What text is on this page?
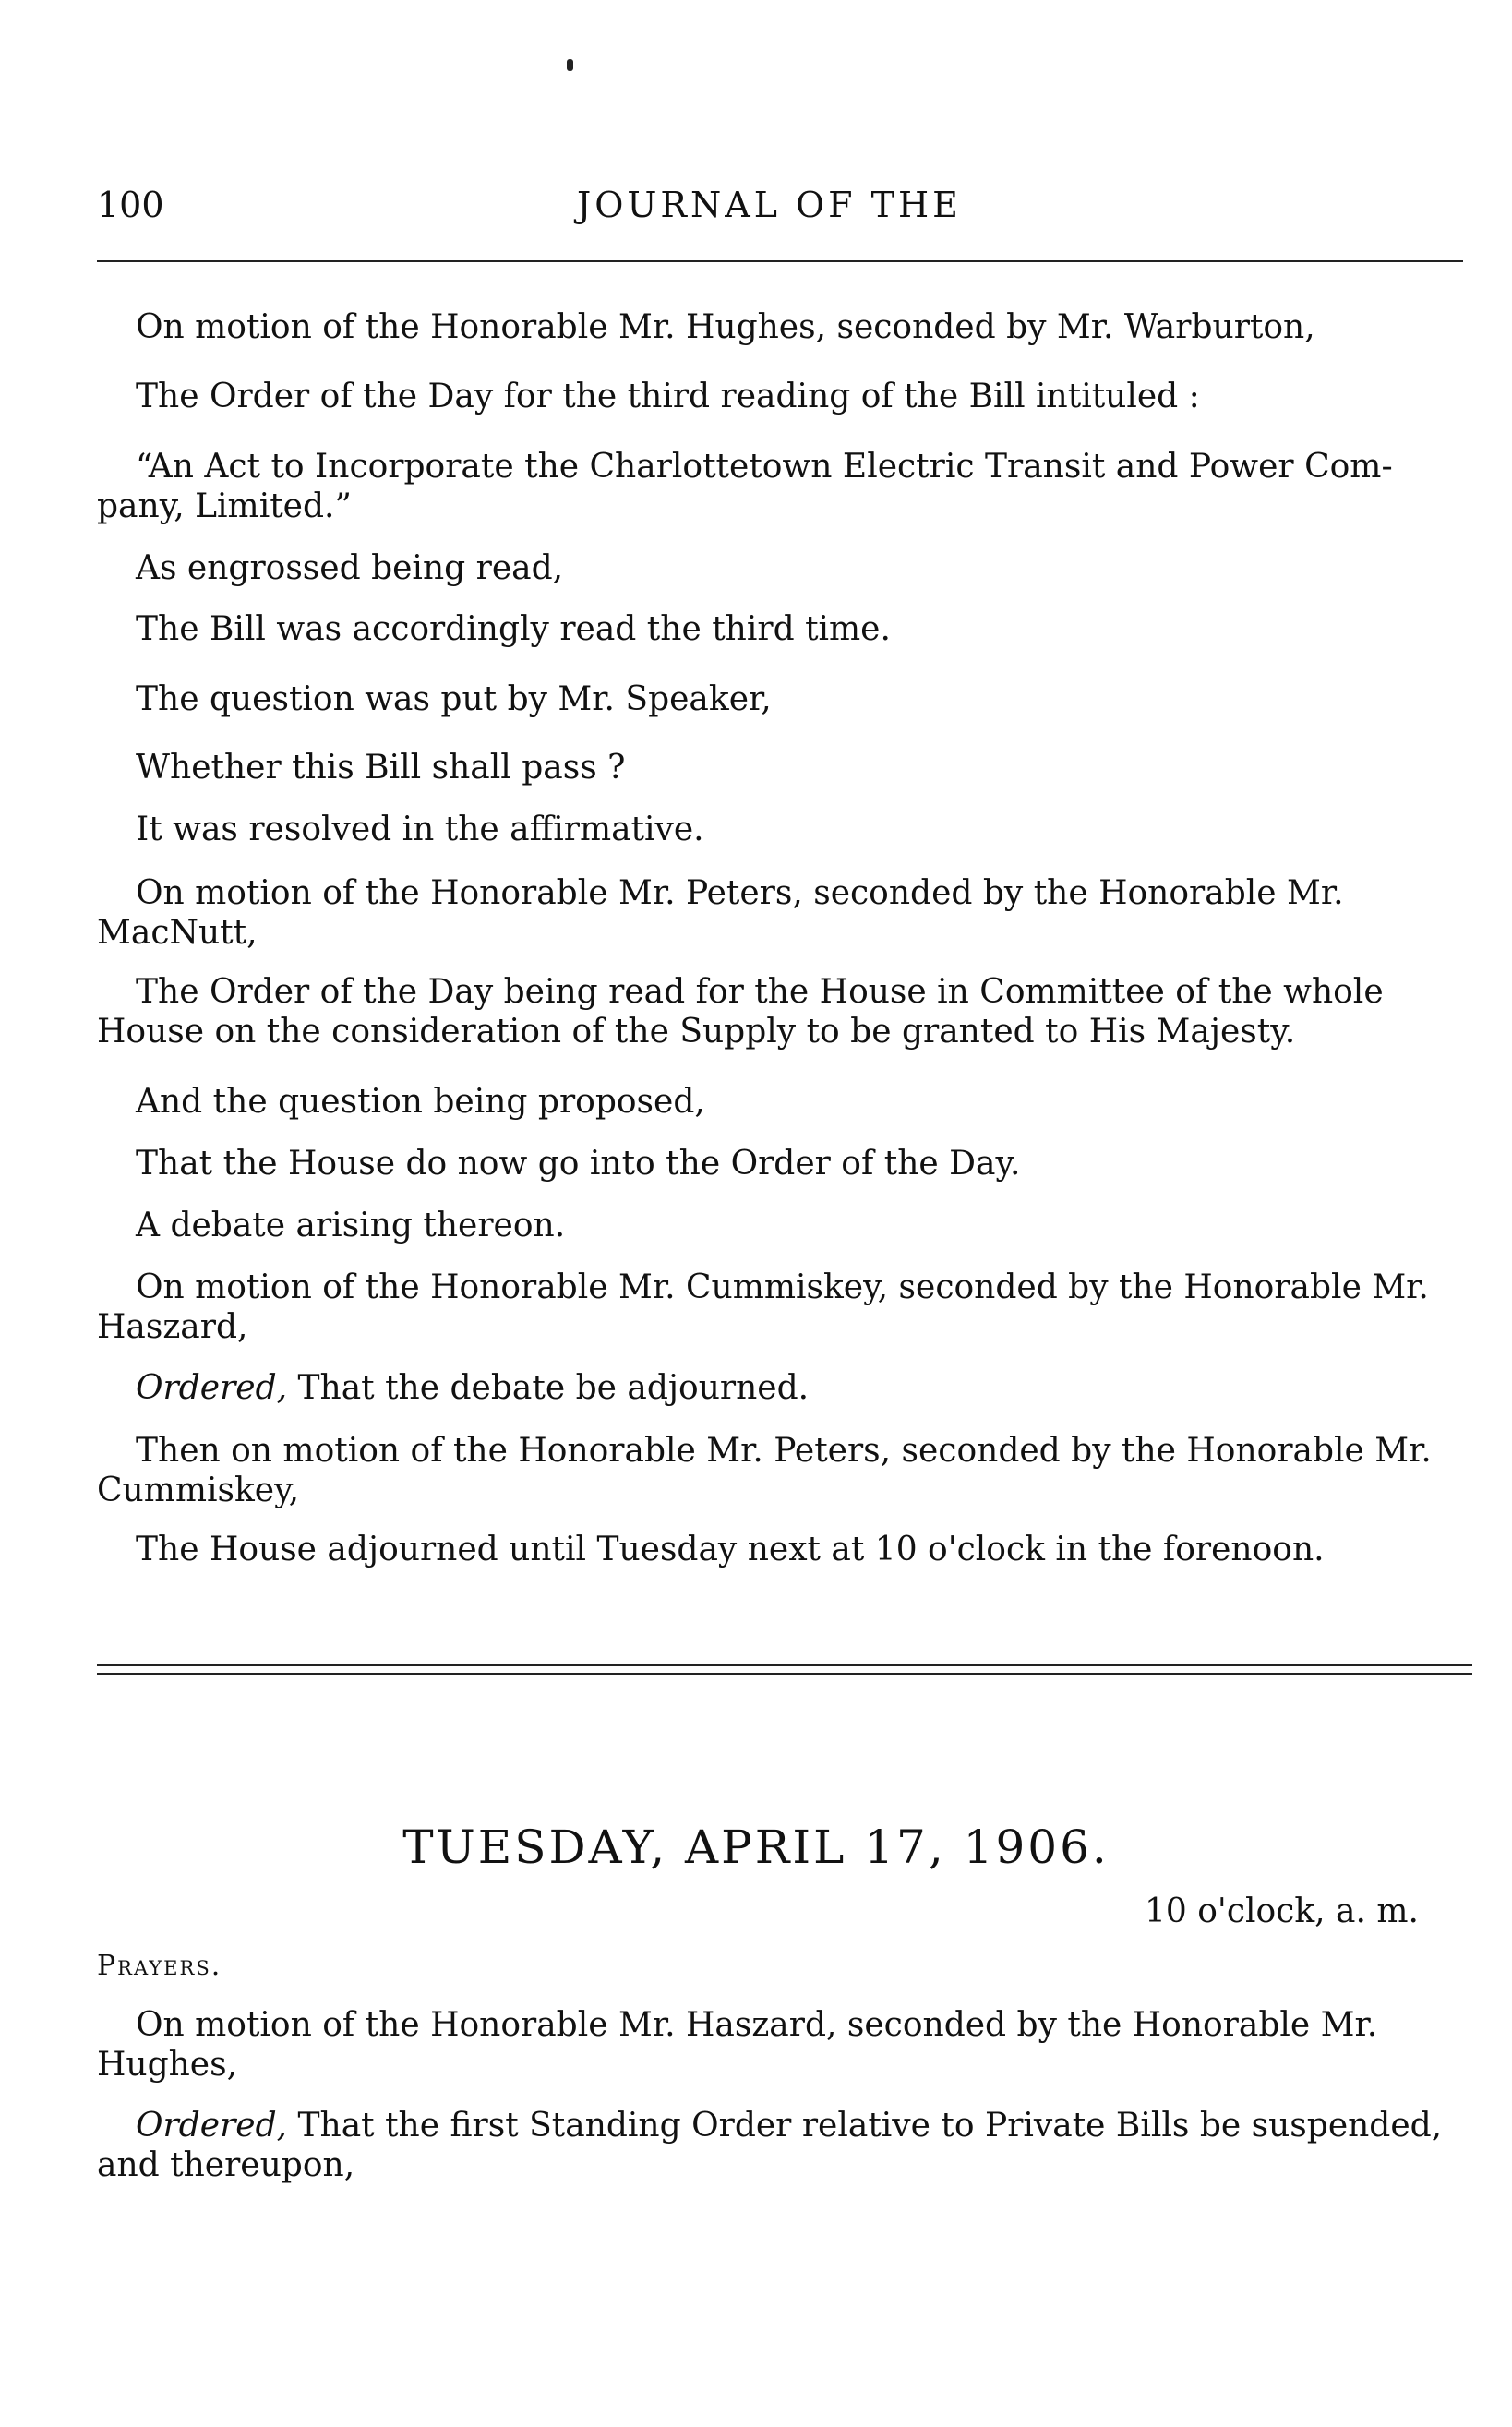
100	JOURNAL OF THE
On motion of the Honorable Mr. Hughes, seconded by Mr. Warburton,
The Order of the Day for the third reading of the Bill intituled :
“An Act to Incorporate the Charlottetown Electric Transit and Power Com-
pany, Limited.”
As engrossed being read,
The Bill was accordingly read the third time.
The question was put by Mr. Speaker,
Whether this Bill shall pass ?
It was resolved in the affirmative.
On motion of the Honorable Mr. Peters, seconded by the Honorable Mr.
MacNutt,
The Order of the Day being read for the House in Committee of the whole
House on the consideration of the Supply to be granted to His Majesty.
And the question being proposed,
That the House do now go into the Order of the Day.
A debate arising thereon.
On motion of the Honorable Mr. Cummiskey, seconded by the Honorable Mr.
Haszard,
Ordered, That the debate be adjourned.
Then on motion of the Honorable Mr. Peters, seconded by the Honorable Mr.
Cummiskey,
The House adjourned until Tuesday next at 10 o'clock in the forenoon.
TUESDAY, APRIL 17, 1906.
10 o'clock, a. m.
Prayers.
On motion of the Honorable Mr. Haszard, seconded by the Honorable Mr.
Hughes,
Ordered, That the first Standing Order relative to Private Bills be suspended,
and thereupon,
